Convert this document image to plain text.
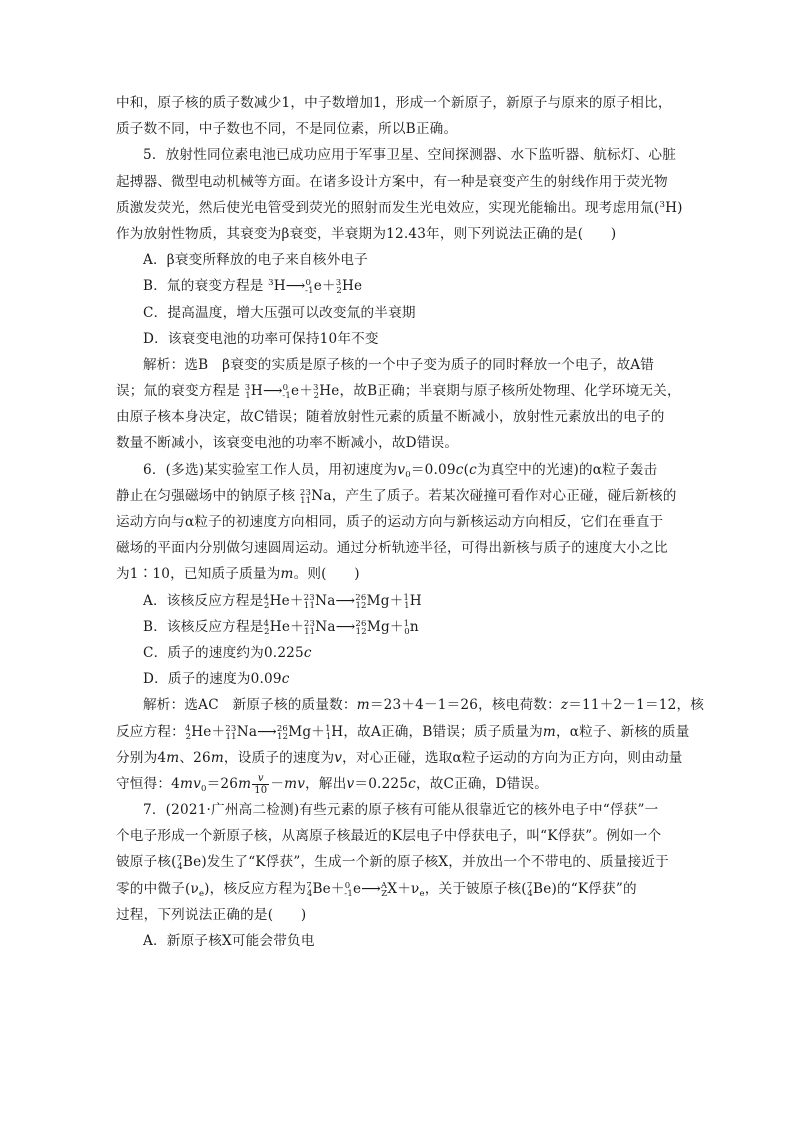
中和，原子核的质子数减少1，中子数增加1，形成一个新原子，新原子与原来的原子相比，
质子数不同，中子数也不同，不是同位素，所以B正确。
5．放射性同位素电池已成功应用于军事卫星、空间探测器、水下监听器、航标灯、心脏
起搏器、微型电动机械等方面。在诸多设计方案中，有一种是衰变产生的射线作用于荧光物
质激发荧光，然后使光电管受到荧光的照射而发生光电效应，实现光能输出。现考虑用氚($^3$H)
作为放射性物质，其衰变为β衰变，半衰期为12.43年，则下列说法正确的是(　　)
A．β衰变所释放的电子来自核外电子
B．氚的衰变方程是 $^3$H⟶$^0_{-1}$e＋$^3_2$He
C．提高温度，增大压强可以改变氚的半衰期
D．该衰变电池的功率可保持10年不变
解析：选B　β衰变的实质是原子核的一个中子变为质子的同时释放一个电子，故A错
误；氚的衰变方程是 $^3_1$H⟶$^0_{-1}$e＋$^3_2$He，故B正确；半衰期与原子核所处物理、化学环境无关，
由原子核本身决定，故C错误；随着放射性元素的质量不断减小，放射性元素放出的电子的
数量不断减小，该衰变电池的功率不断减小，故D错误。
6．(多选)某实验室工作人员，用初速度为$v_0=0.09c(c$为真空中的光速)的α粒子轰击
静止在匀强磁场中的钠原子核 $^{23}_{11}$Na，产生了质子。若某次碰撞可看作对心正碰，碰后新核的
运动方向与α粒子的初速度方向相同，质子的运动方向与新核运动方向相反，它们在垂直于
磁场的平面内分别做匀速圆周运动。通过分析轨迹半径，可得出新核与质子的速度大小之比
为1∶10，已知质子质量为m。则(　　)
A．该核反应方程是$^4_2$He＋$^{23}_{11}$Na⟶$^{26}_{12}$Mg＋$^1_1$H
B．该核反应方程是$^4_2$He＋$^{23}_{11}$Na⟶$^{26}_{12}$Mg＋$^1_0$n
C．质子的速度约为0.225c
D．质子的速度为0.09c
解析：选AC　新原子核的质量数：m＝23＋4－1＝26，核电荷数：z＝11＋2－1＝12，核
反应方程：$^4_2$He＋$^{23}_{11}$Na⟶$^{26}_{12}$Mg＋$^1_1$H，故A正确，B错误；质子质量为m，α粒子、新核的质量
分别为4m、26m，设质子的速度为v，对心正碰，选取α粒子运动的方向为正方向，则由动量
守恒得：$4mv_0=26m \frac{v}{10} -mv$，解出v＝0.225c，故C正确，D错误。
7．(2021·广州高二检测)有些元素的原子核有可能从很靠近它的核外电子中“俘获”一
个电子形成一个新原子核，从离原子核最近的K层电子中俘获电子，叫“K俘获”。例如一个
铍原子核($^7_4$Be)发生了“K俘获”，生成一个新的原子核X，并放出一个不带电的、质量接近于
零的中微子$(\nu_e)$，核反应方程为$^7_4Be+^0_{-1}e⟶^A_ZX+\nu_e$，关于铍原子核($^7_4$Be)的“K俘获”的
过程，下列说法正确的是(　　)
A．新原子核X可能会带负电
